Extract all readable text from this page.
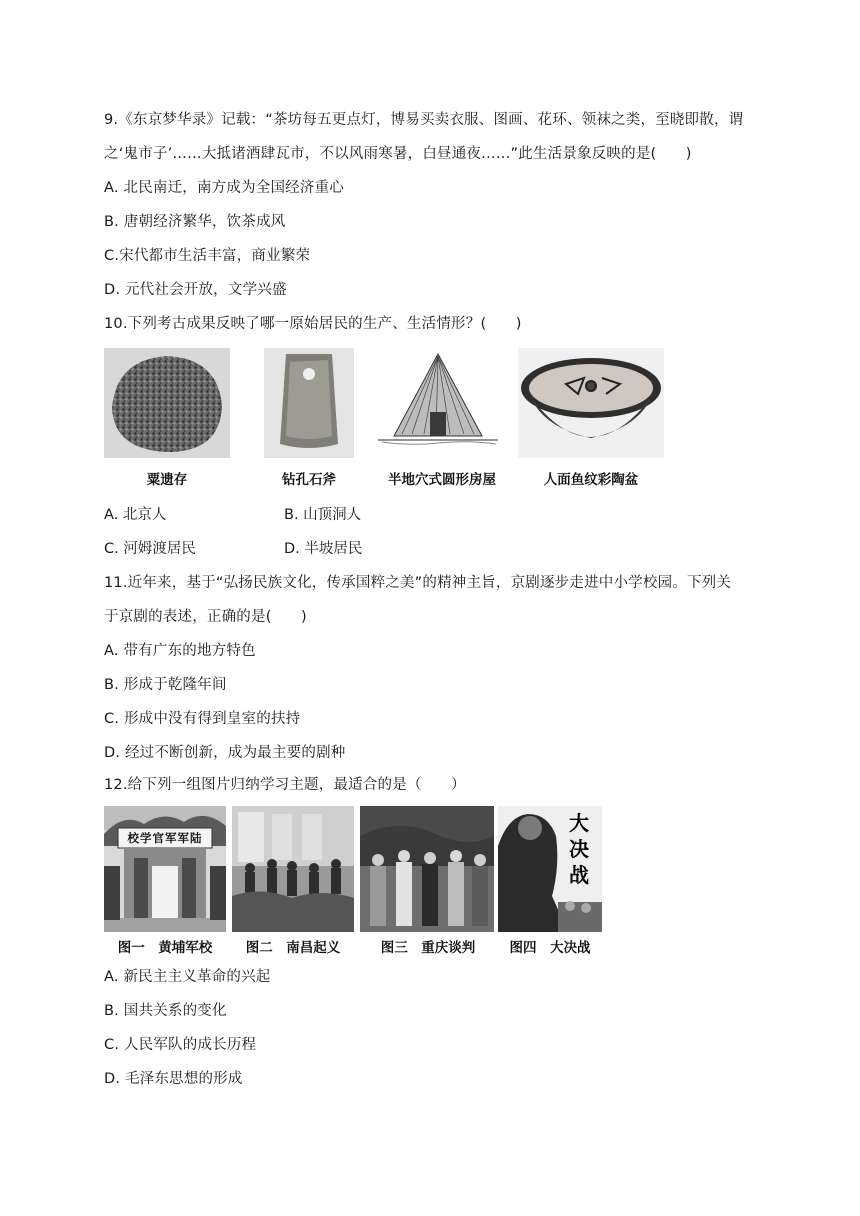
9.《东京梦华录》记载：“茶坊每五更点灯，博易买卖衣服、图画、花环、领袜之类，至晓即散，谓
之‘鬼市子’……大抵诸酒肆瓦市，不以风雨寒暑，白昼通夜……”此生活景象反映的是(　　)
A. 北民南迁，南方成为全国经济重心
B. 唐朝经济繁华，饮茶成风
C.宋代都市生活丰富，商业繁荣
D. 元代社会开放，文学兴盛
10.下列考古成果反映了哪一原始居民的生产、生活情形？(　　)
粟遗存	钻孔石斧	半地穴式圆形房屋	人面鱼纹彩陶盆
A. 北京人	B. 山顶洞人
C. 河姆渡居民	D. 半坡居民
11.近年来，基于“弘扬民族文化，传承国粹之美”的精神主旨，京剧逐步走进中小学校园。下列关
于京剧的表述，正确的是(　　)
A. 带有广东的地方特色
B. 形成于乾隆年间
C. 形成中没有得到皇室的扶持
D. 经过不断创新，成为最主要的剧种
12.给下列一组图片归纳学习主题，最适合的是（　　）
校学官军军陆
图一　黄埔军校	图二　南昌起义	图三　重庆谈判
大决战
图四　大决战
A. 新民主主义革命的兴起
B. 国共关系的变化
C. 人民军队的成长历程
D. 毛泽东思想的形成
